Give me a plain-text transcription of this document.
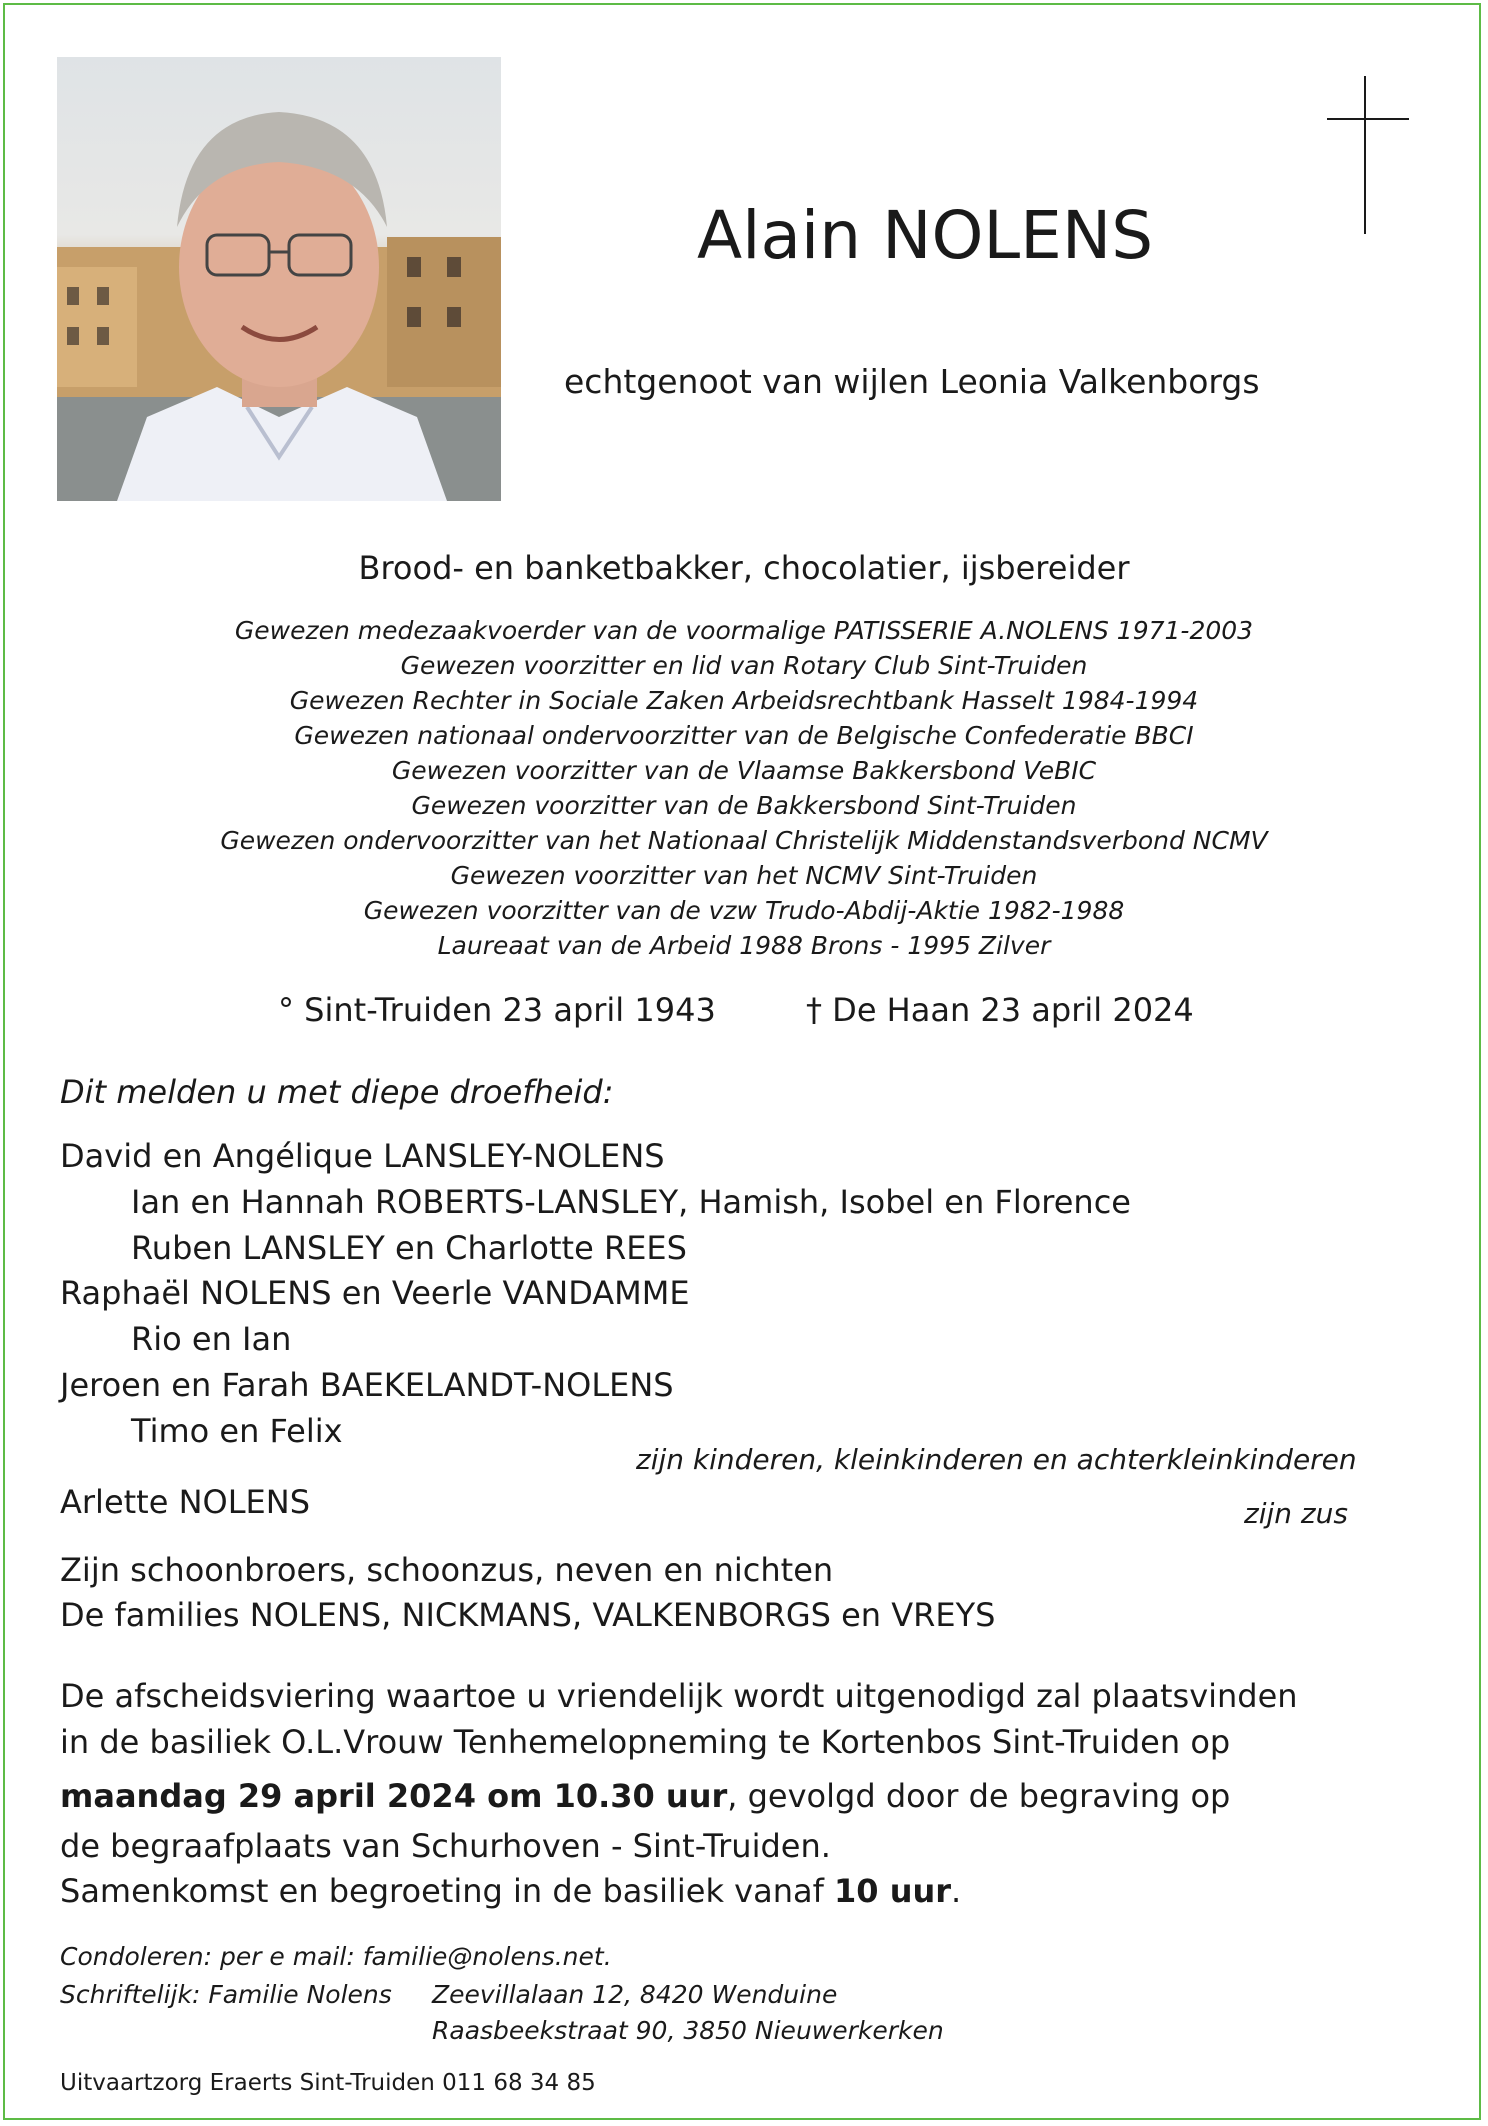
Alain NOLENS
echtgenoot van wijlen Leonia Valkenborgs
Brood- en banketbakker, chocolatier, ijsbereider
Gewezen medezaakvoerder van de voormalige PATISSERIE A.NOLENS 1971-2003
Gewezen voorzitter en lid van Rotary Club Sint-Truiden
Gewezen Rechter in Sociale Zaken Arbeidsrechtbank Hasselt 1984-1994
Gewezen nationaal ondervoorzitter van de Belgische Confederatie BBCI
Gewezen voorzitter van de Vlaamse Bakkersbond VeBIC
Gewezen voorzitter van de Bakkersbond Sint-Truiden
Gewezen ondervoorzitter van het Nationaal Christelijk Middenstandsverbond NCMV
Gewezen voorzitter van het NCMV Sint-Truiden
Gewezen voorzitter van de vzw Trudo-Abdij-Aktie 1982-1988
Laureaat van de Arbeid 1988 Brons - 1995 Zilver
° Sint-Truiden 23 april 1943	† De Haan 23 april 2024
Dit melden u met diepe droefheid:
David en Angélique LANSLEY-NOLENS
Ian en Hannah ROBERTS-LANSLEY, Hamish, Isobel en Florence
Ruben LANSLEY en Charlotte REES
Raphaël NOLENS en Veerle VANDAMME
Rio en Ian
Jeroen en Farah BAEKELANDT-NOLENS
Timo en Felix
zijn kinderen, kleinkinderen en achterkleinkinderen
Arlette NOLENS	zijn zus
Zijn schoonbroers, schoonzus, neven en nichten
De families NOLENS, NICKMANS, VALKENBORGS en VREYS
De afscheidsviering waartoe u vriendelijk wordt uitgenodigd zal plaatsvinden
in de basiliek O.L.Vrouw Tenhemelopneming te Kortenbos Sint-Truiden op
maandag 29 april 2024 om 10.30 uur, gevolgd door de begraving op
de begraafplaats van Schurhoven - Sint-Truiden.
Samenkomst en begroeting in de basiliek vanaf 10 uur.
Condoleren: per e mail: familie@nolens.net.
Schriftelijk: Familie Nolens Zeevillalaan 12, 8420 Wenduine
Raasbeekstraat 90, 3850 Nieuwerkerken
Uitvaartzorg Eraerts Sint-Truiden 011 68 34 85
